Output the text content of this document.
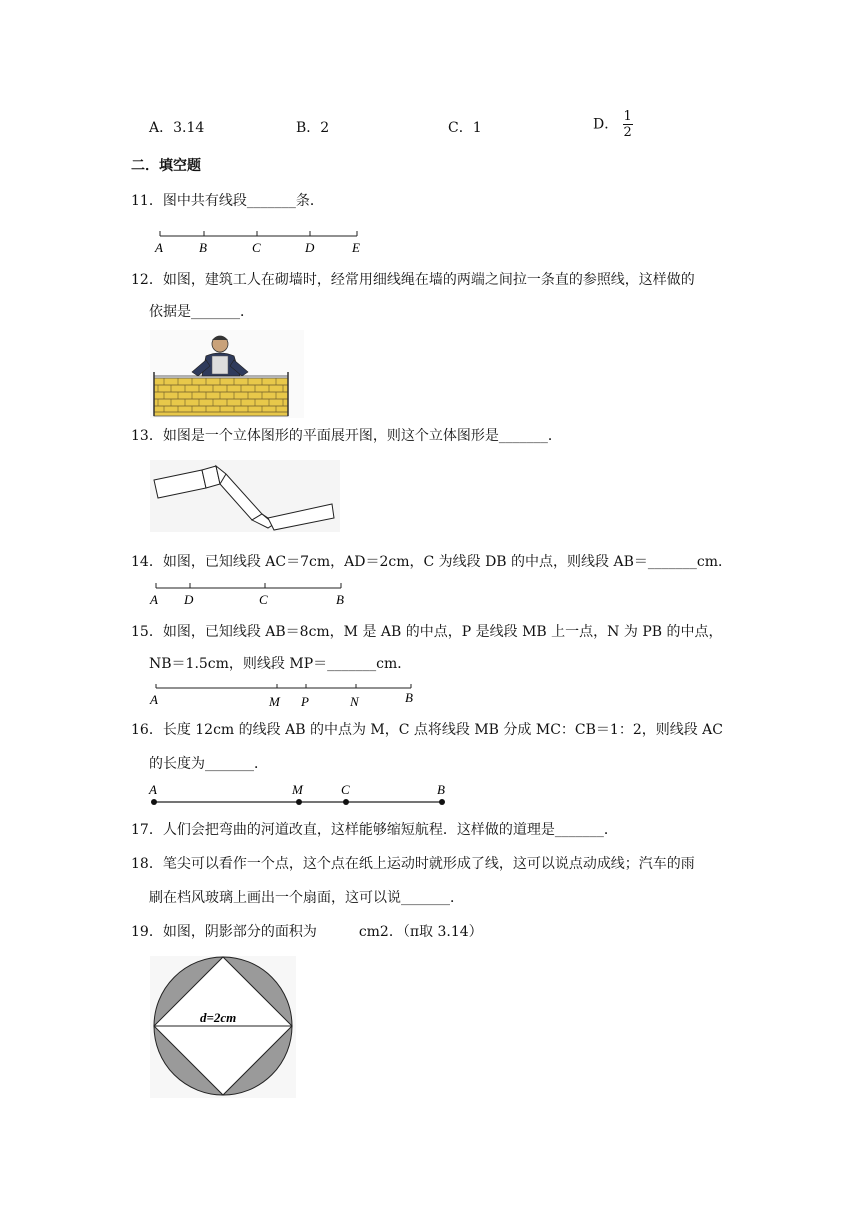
A．3.14	B．2	C．1	D． $\frac{1}{2}$
二．填空题
11．图中共有线段_______条．
A	B	C	D	E
12．如图，建筑工人在砌墙时，经常用细线绳在墙的两端之间拉一条直的参照线，这样做的
依据是_______．
13．如图是一个立体图形的平面展开图，则这个立体图形是_______．
14．如图，已知线段 AC＝7cm，AD＝2cm，C 为线段 DB 的中点，则线段 AB＝_______cm．
A D	C	B
15．如图，已知线段 AB＝8cm，M 是 AB 的中点，P 是线段 MB 上一点，N 为 PB 的中点，
NB＝1.5cm，则线段 MP＝_______cm．
A	M P	N	B
16．长度 12cm 的线段 AB 的中点为 M，C 点将线段 MB 分成 MC：CB＝1：2，则线段 AC
的长度为_______．
A	M	C	B
17．人们会把弯曲的河道改直，这样能够缩短航程．这样做的道理是_______．
18．笔尖可以看作一个点，这个点在纸上运动时就形成了线，这可以说点动成线；汽车的雨
刷在档风玻璃上画出一个扇面，这可以说_______．
19．如图，阴影部分的面积为　　　cm2．（π取 3.14）
d=2cm
